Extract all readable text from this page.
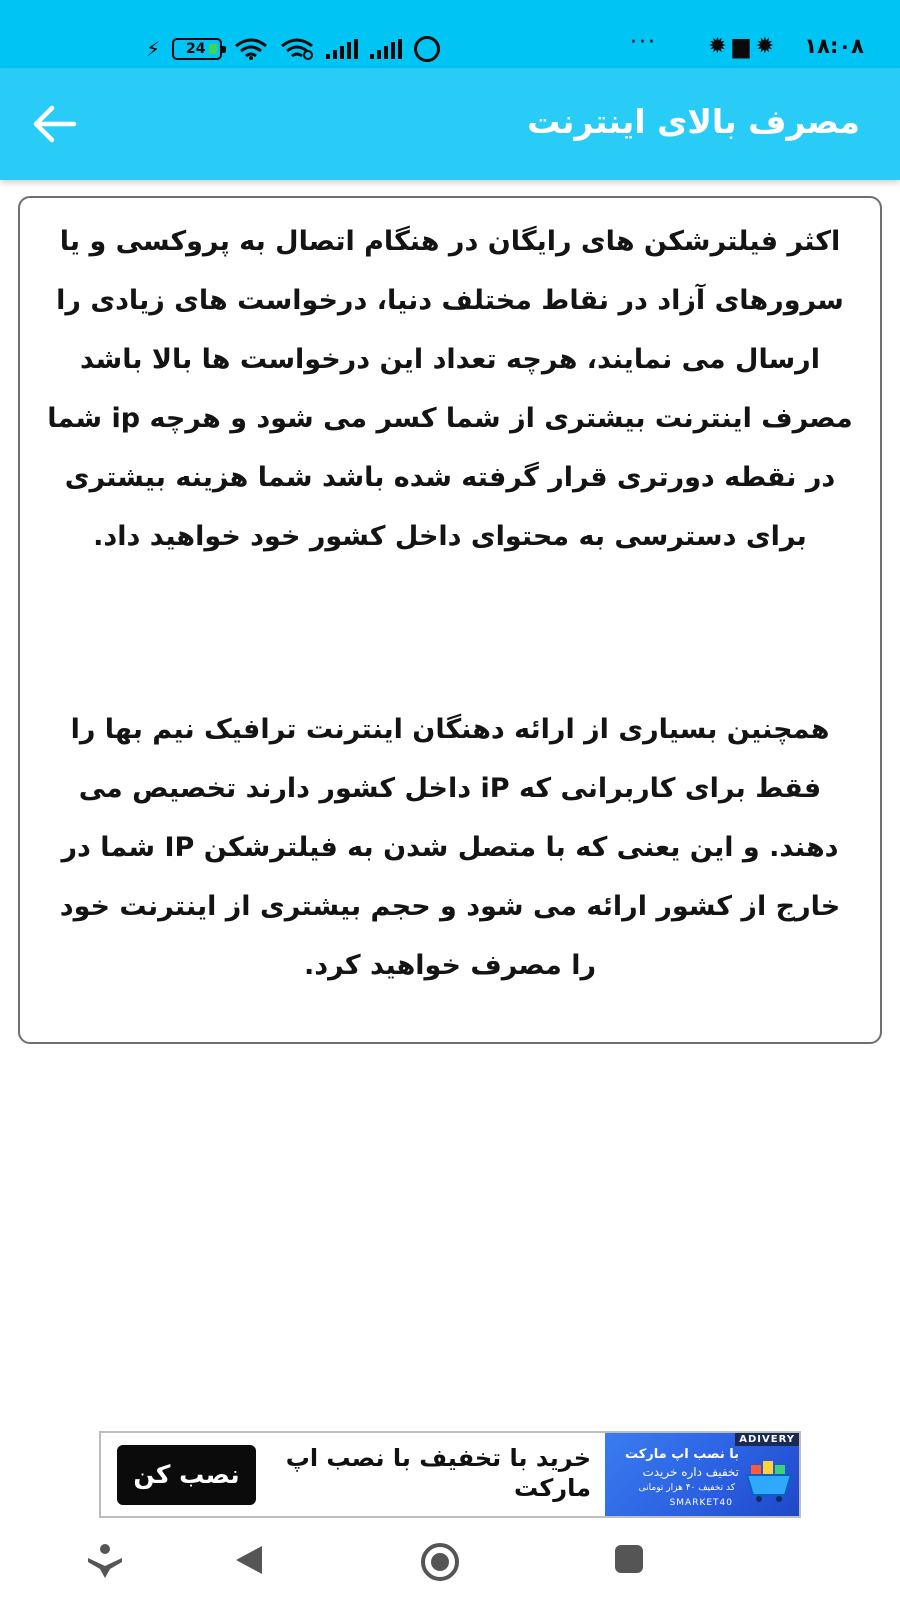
⚡	24	··· ✹▆✹ ۱۸:۰۸
مصرف بالای اینترنت

اکثر فیلترشکن های رایگان در هنگام اتصال به پروکسی و یا سرورهای آزاد در نقاط مختلف دنیا، درخواست های زیادی را ارسال می نمایند، هرچه تعداد این درخواست ها بالا باشد مصرف اینترنت بیشتری از شما کسر می شود و هرچه ip شما در نقطه دورتری قرار گرفته شده باشد شما هزینه بیشتری برای دسترسی به محتوای داخل کشور خود خواهید داد.

همچنین بسیاری از ارائه دهنگان اینترنت ترافیک نیم بها را فقط برای کاربرانی که iP داخل کشور دارند تخصیص می دهند. و این یعنی که با متصل شدن به فیلترشکن IP شما در خارج از کشور ارائه می شود و حجم بیشتری از اینترنت خود را مصرف خواهید کرد.

ADIVERY
با نصب اپ مارکت
تخفیف داره خریدت
کد تخفیف ۴۰ هزار تومانی
SMARKET40
خرید با تخفیف با نصب اپ مارکت
نصب کن
